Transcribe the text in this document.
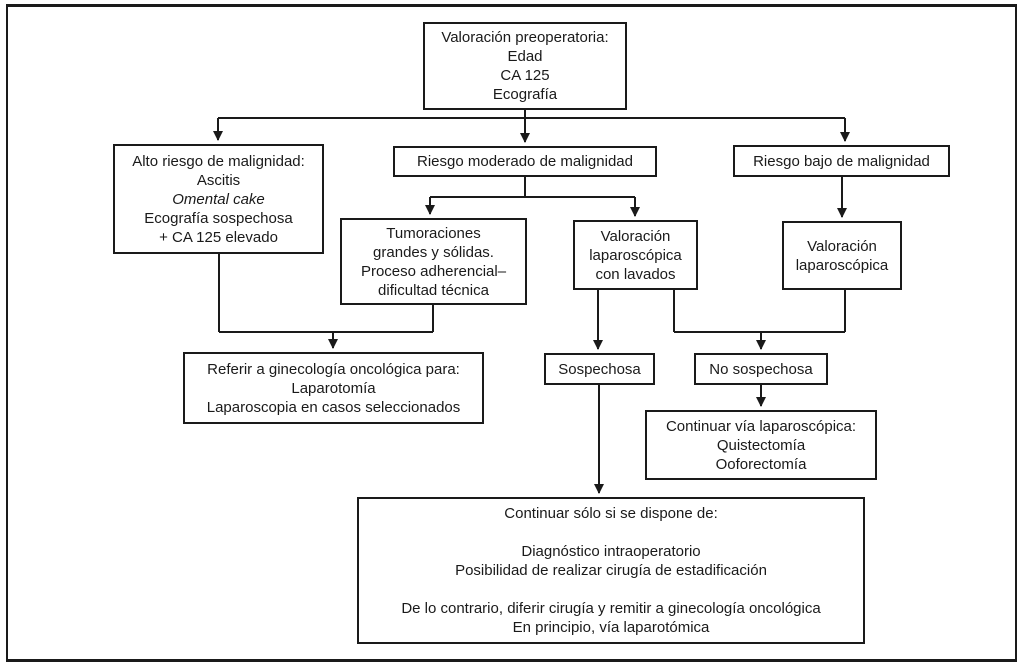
Valoración preoperatoria:
Edad
CA 125
Ecografía
Alto riesgo de malignidad:
Ascitis
Omental cake
Ecografía sospechosa
+ CA 125 elevado
Riesgo moderado de malignidad	Riesgo bajo de malignidad
Tumoraciones
grandes y sólidas.
Proceso adherencial–
dificultad técnica
Valoración
laparoscópica
con lavados
Valoración
laparoscópica
Referir a ginecología oncológica para:
Laparotomía
Laparoscopia en casos seleccionados
Sospechosa	No sospechosa
Continuar vía laparoscópica:
Quistectomía
Ooforectomía
Continuar sólo si se dispone de:
Diagnóstico intraoperatorio
Posibilidad de realizar cirugía de estadificación
De lo contrario, diferir cirugía y remitir a ginecología oncológica
En principio, vía laparotómica
